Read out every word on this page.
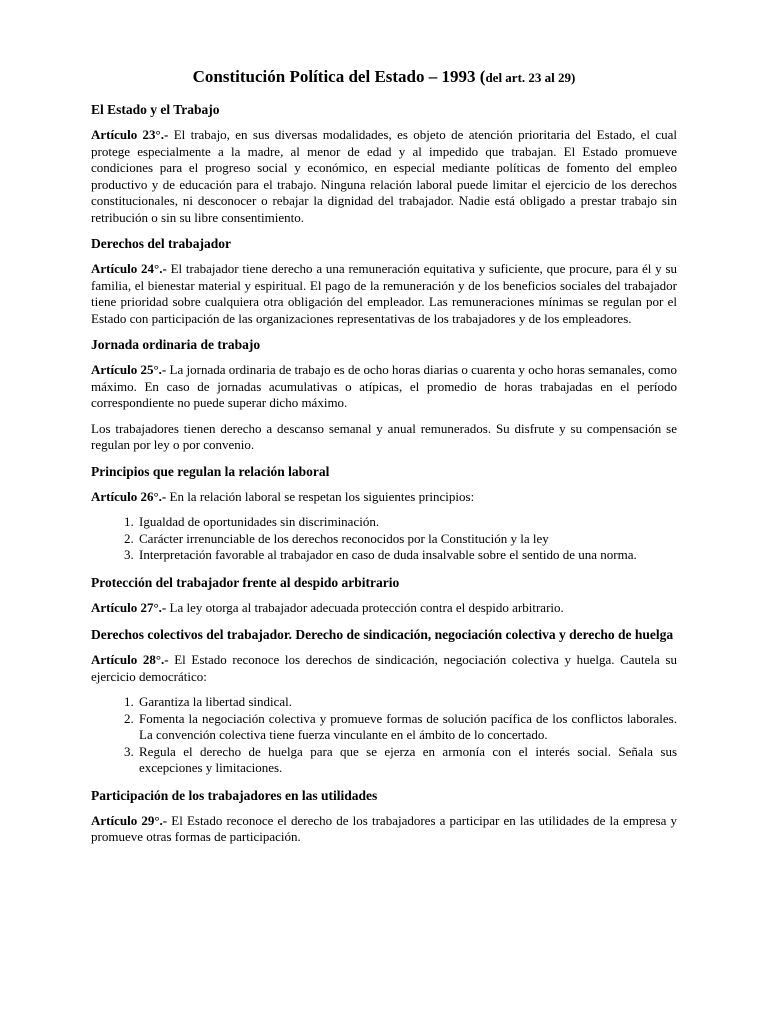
Constitución Política del Estado – 1993 (del art. 23 al 29)
El Estado y el Trabajo

Artículo 23°.- El trabajo, en sus diversas modalidades, es objeto de atención prioritaria del Estado, el cual protege especialmente a la madre, al menor de edad y al impedido que trabajan. El Estado promueve condiciones para el progreso social y económico, en especial mediante políticas de fomento del empleo productivo y de educación para el trabajo. Ninguna relación laboral puede limitar el ejercicio de los derechos constitucionales, ni desconocer o rebajar la dignidad del trabajador. Nadie está obligado a prestar trabajo sin retribución o sin su libre consentimiento.

Derechos del trabajador

Artículo 24°.- El trabajador tiene derecho a una remuneración equitativa y suficiente, que procure, para él y su familia, el bienestar material y espiritual. El pago de la remuneración y de los beneficios sociales del trabajador tiene prioridad sobre cualquiera otra obligación del empleador. Las remuneraciones mínimas se regulan por el Estado con participación de las organizaciones representativas de los trabajadores y de los empleadores.

Jornada ordinaria de trabajo

Artículo 25°.- La jornada ordinaria de trabajo es de ocho horas diarias o cuarenta y ocho horas semanales, como máximo. En caso de jornadas acumulativas o atípicas, el promedio de horas trabajadas en el período correspondiente no puede superar dicho máximo.

Los trabajadores tienen derecho a descanso semanal y anual remunerados. Su disfrute y su compensación se regulan por ley o por convenio.

Principios que regulan la relación laboral

Artículo 26°.- En la relación laboral se respetan los siguientes principios:

1. Igualdad de oportunidades sin discriminación.
2. Carácter irrenunciable de los derechos reconocidos por la Constitución y la ley
3. Interpretación favorable al trabajador en caso de duda insalvable sobre el sentido de una norma.
Protección del trabajador frente al despido arbitrario

Artículo 27°.- La ley otorga al trabajador adecuada protección contra el despido arbitrario.

Derechos colectivos del trabajador. Derecho de sindicación, negociación colectiva y derecho de huelga

Artículo 28°.- El Estado reconoce los derechos de sindicación, negociación colectiva y huelga. Cautela su ejercicio democrático:

1. Garantiza la libertad sindical.
2. Fomenta la negociación colectiva y promueve formas de solución pacífica de los conflictos laborales. La convención colectiva tiene fuerza vinculante en el ámbito de lo concertado.
3. Regula el derecho de huelga para que se ejerza en armonía con el interés social. Señala sus excepciones y limitaciones.
Participación de los trabajadores en las utilidades

Artículo 29°.- El Estado reconoce el derecho de los trabajadores a participar en las utilidades de la empresa y promueve otras formas de participación.
